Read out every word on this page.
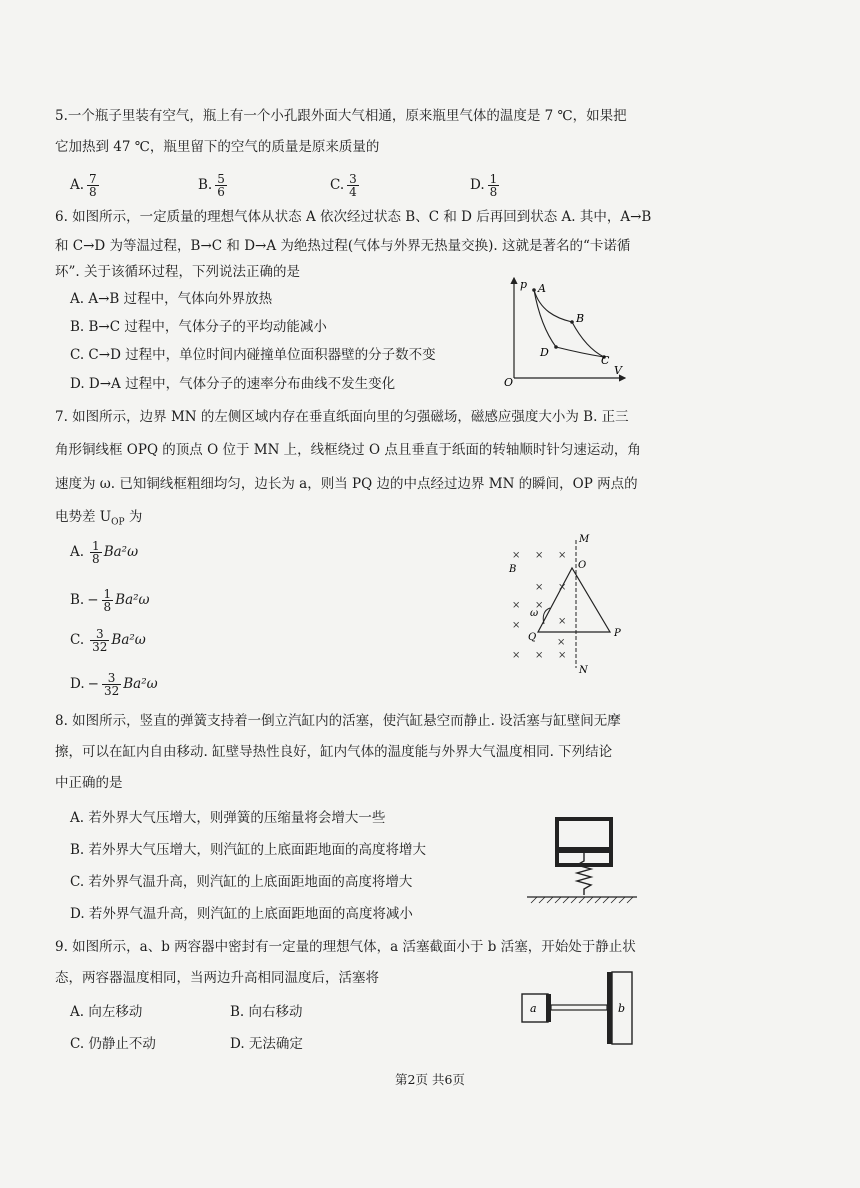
5.一个瓶子里装有空气，瓶上有一个小孔跟外面大气相通，原来瓶里气体的温度是 7 ℃，如果把
它加热到 47 ℃，瓶里留下的空气的质量是原来质量的
A. $\frac{7}{8}$	B. $\frac{5}{6}$	C. $\frac{3}{4}$	D. $\frac{1}{8}$
6. 如图所示，一定质量的理想气体从状态 A 依次经过状态 B、C 和 D 后再回到状态 A. 其中，A→B
和 C→D 为等温过程，B→C 和 D→A 为绝热过程(气体与外界无热量交换). 这就是著名的“卡诺循
环”. 关于该循环过程，下列说法正确的是
A. A→B 过程中，气体向外界放热
B. B→C 过程中，气体分子的平均动能减小
C. C→D 过程中，单位时间内碰撞单位面积器壁的分子数不变
D. D→A 过程中，气体分子的速率分布曲线不发生变化
p
V
O
A
B
C
D
7. 如图所示，边界 MN 的左侧区域内存在垂直纸面向里的匀强磁场，磁感应强度大小为 B. 正三
角形铜线框 OPQ 的顶点 O 位于 MN 上，线框绕过 O 点且垂直于纸面的转轴顺时针匀速运动，角
速度为 ω. 已知铜线框粗细均匀，边长为 a，则当 PQ 边的中点经过边界 MN 的瞬间，OP 两点的
电势差 $U_{OP}$ 为
A. $\frac{1}{8} Ba^2\omega$
B. − $\frac{1}{8} Ba^2\omega$
C. $\frac{3}{32} Ba^2\omega$
D. − $\frac{3}{32} Ba^2\omega$
M
N
× × ×
× ×
× ×
×	×
× × ×
×
B	O
Q	P
ω
8. 如图所示，竖直的弹簧支持着一倒立汽缸内的活塞，使汽缸悬空而静止. 设活塞与缸壁间无摩
擦，可以在缸内自由移动. 缸壁导热性良好，缸内气体的温度能与外界大气温度相同. 下列结论
中正确的是
A. 若外界大气压增大，则弹簧的压缩量将会增大一些
B. 若外界大气压增大，则汽缸的上底面距地面的高度将增大
C. 若外界气温升高，则汽缸的上底面距地面的高度将增大
D. 若外界气温升高，则汽缸的上底面距地面的高度将减小
9. 如图所示，a、b 两容器中密封有一定量的理想气体，a 活塞截面小于 b 活塞，开始处于静止状
态，两容器温度相同，当两边升高相同温度后，活塞将
A. 向左移动	B. 向右移动
C. 仍静止不动	D. 无法确定
a	b
第2页 共6页
